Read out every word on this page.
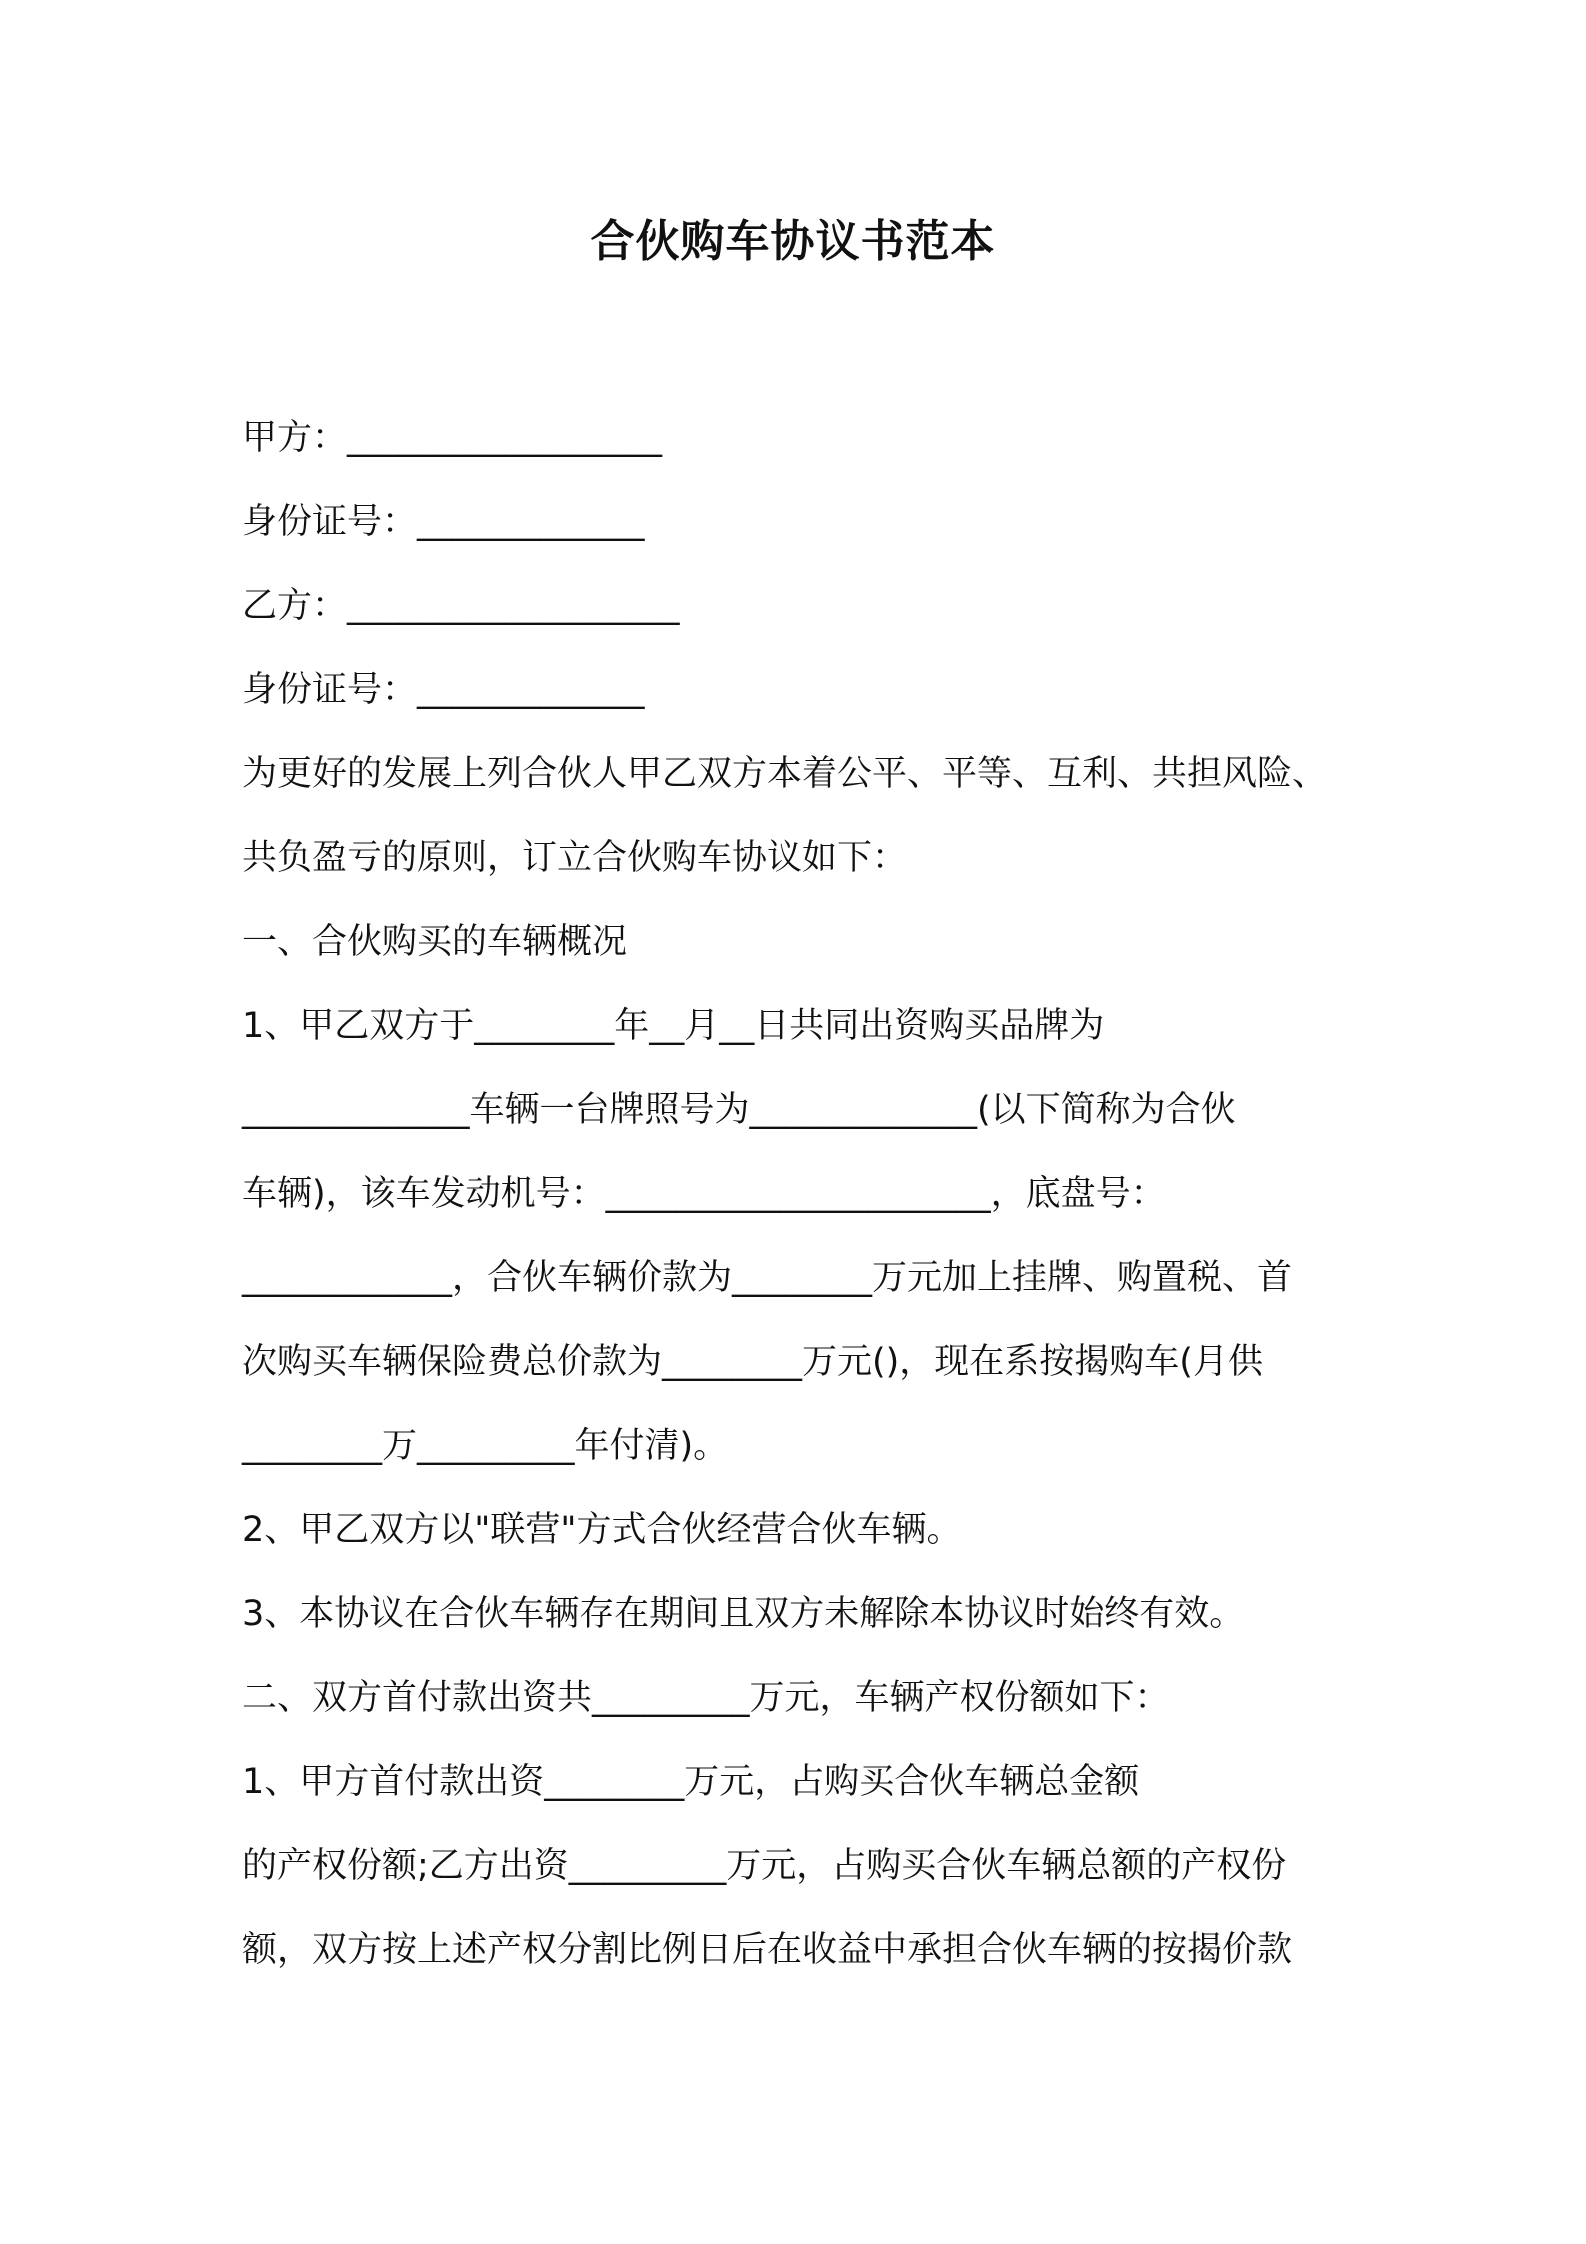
合伙购车协议书范本
甲方：__________________
身份证号：_____________
乙方：___________________
身份证号：_____________
为更好的发展上列合伙人甲乙双方本着公平、平等、互利、共担风险、
共负盈亏的原则，订立合伙购车协议如下：
一、合伙购买的车辆概况
1、甲乙双方于________年__月__日共同出资购买品牌为
_____________车辆一台牌照号为_____________(以下简称为合伙
车辆)，该车发动机号：______________________，底盘号：
____________，合伙车辆价款为________万元加上挂牌、购置税、首
次购买车辆保险费总价款为________万元()，现在系按揭购车(月供
________万_________年付清)。
2、甲乙双方以"联营"方式合伙经营合伙车辆。
3、本协议在合伙车辆存在期间且双方未解除本协议时始终有效。
二、双方首付款出资共_________万元，车辆产权份额如下：
1、甲方首付款出资________万元，占购买合伙车辆总金额
的产权份额;乙方出资_________万元，占购买合伙车辆总额的产权份
额，双方按上述产权分割比例日后在收益中承担合伙车辆的按揭价款
